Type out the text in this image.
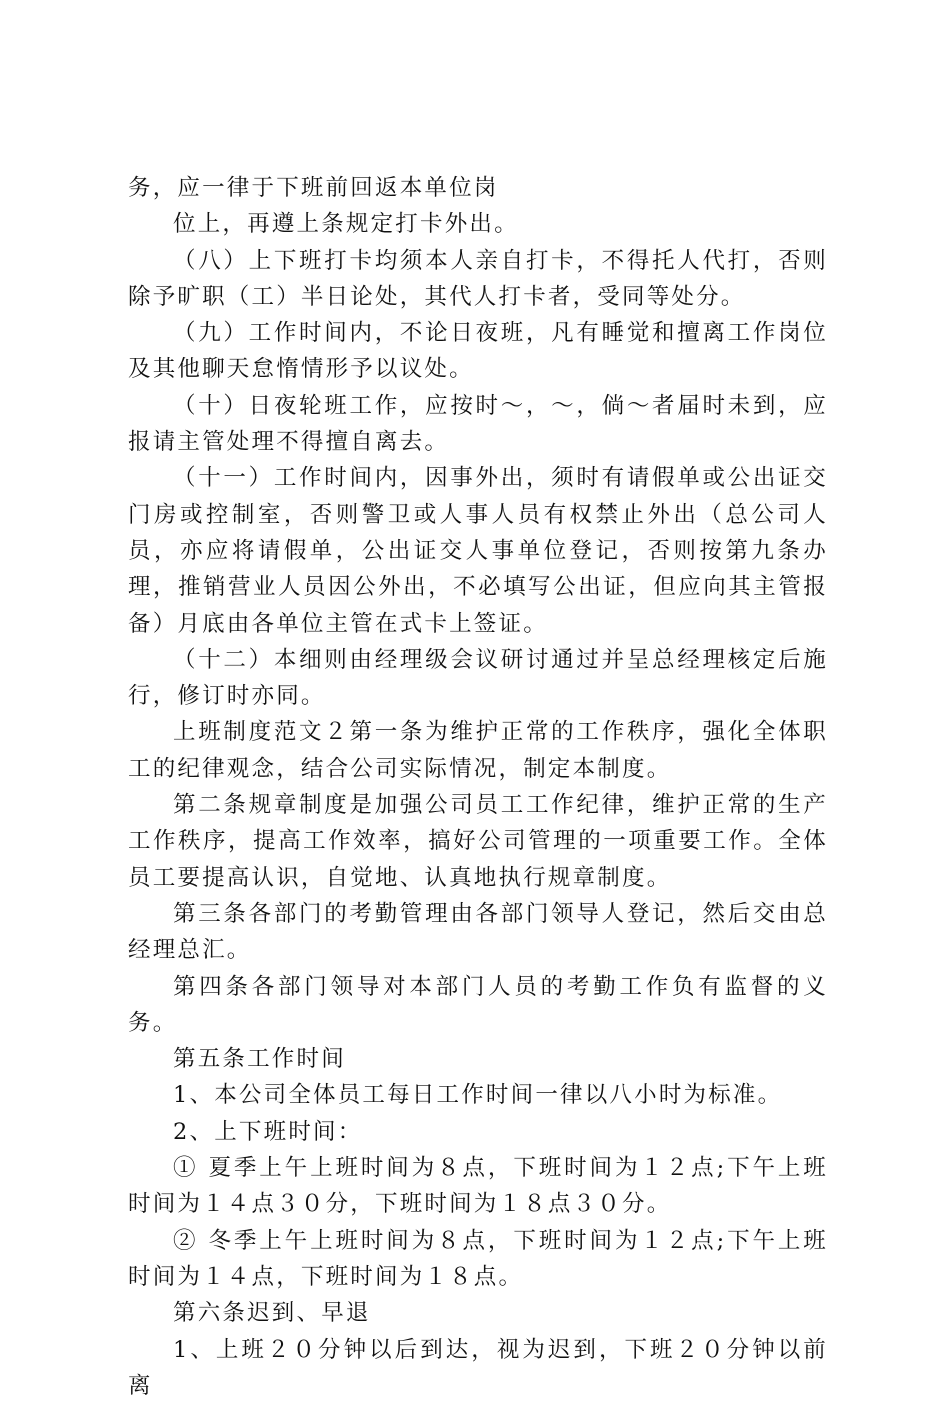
务，应一律于下班前回返本单位岗

位上，再遵上条规定打卡外出。

（八）上下班打卡均须本人亲自打卡，不得托人代打，否则除予旷职（工）半日论处，其代人打卡者，受同等处分。

（九）工作时间内，不论日夜班，凡有睡觉和擅离工作岗位及其他聊天怠惰情形予以议处。

（十）日夜轮班工作，应按时～，～，倘～者届时未到，应报请主管处理不得擅自离去。

（十一）工作时间内，因事外出，须时有请假单或公出证交门房或控制室，否则警卫或人事人员有权禁止外出（总公司人员，亦应将请假单，公出证交人事单位登记，否则按第九条办理，推销营业人员因公外出，不必填写公出证，但应向其主管报备）月底由各单位主管在式卡上签证。

（十二）本细则由经理级会议研讨通过并呈总经理核定后施行，修订时亦同。

上班制度范文２第一条为维护正常的工作秩序，强化全体职工的纪律观念，结合公司实际情况，制定本制度。

第二条规章制度是加强公司员工工作纪律，维护正常的生产工作秩序，提高工作效率，搞好公司管理的一项重要工作。全体员工要提高认识，自觉地、认真地执行规章制度。

第三条各部门的考勤管理由各部门领导人登记，然后交由总经理总汇。

第四条各部门领导对本部门人员的考勤工作负有监督的义务。

第五条工作时间

1、本公司全体员工每日工作时间一律以八小时为标准。

2、上下班时间：

① 夏季上午上班时间为８点，下班时间为１２点;下午上班时间为１４点３０分，下班时间为１８点３０分。

② 冬季上午上班时间为８点，下班时间为１２点;下午上班时间为１４点，下班时间为１８点。

第六条迟到、早退

1、上班２０分钟以后到达，视为迟到，下班２０分钟以前离
